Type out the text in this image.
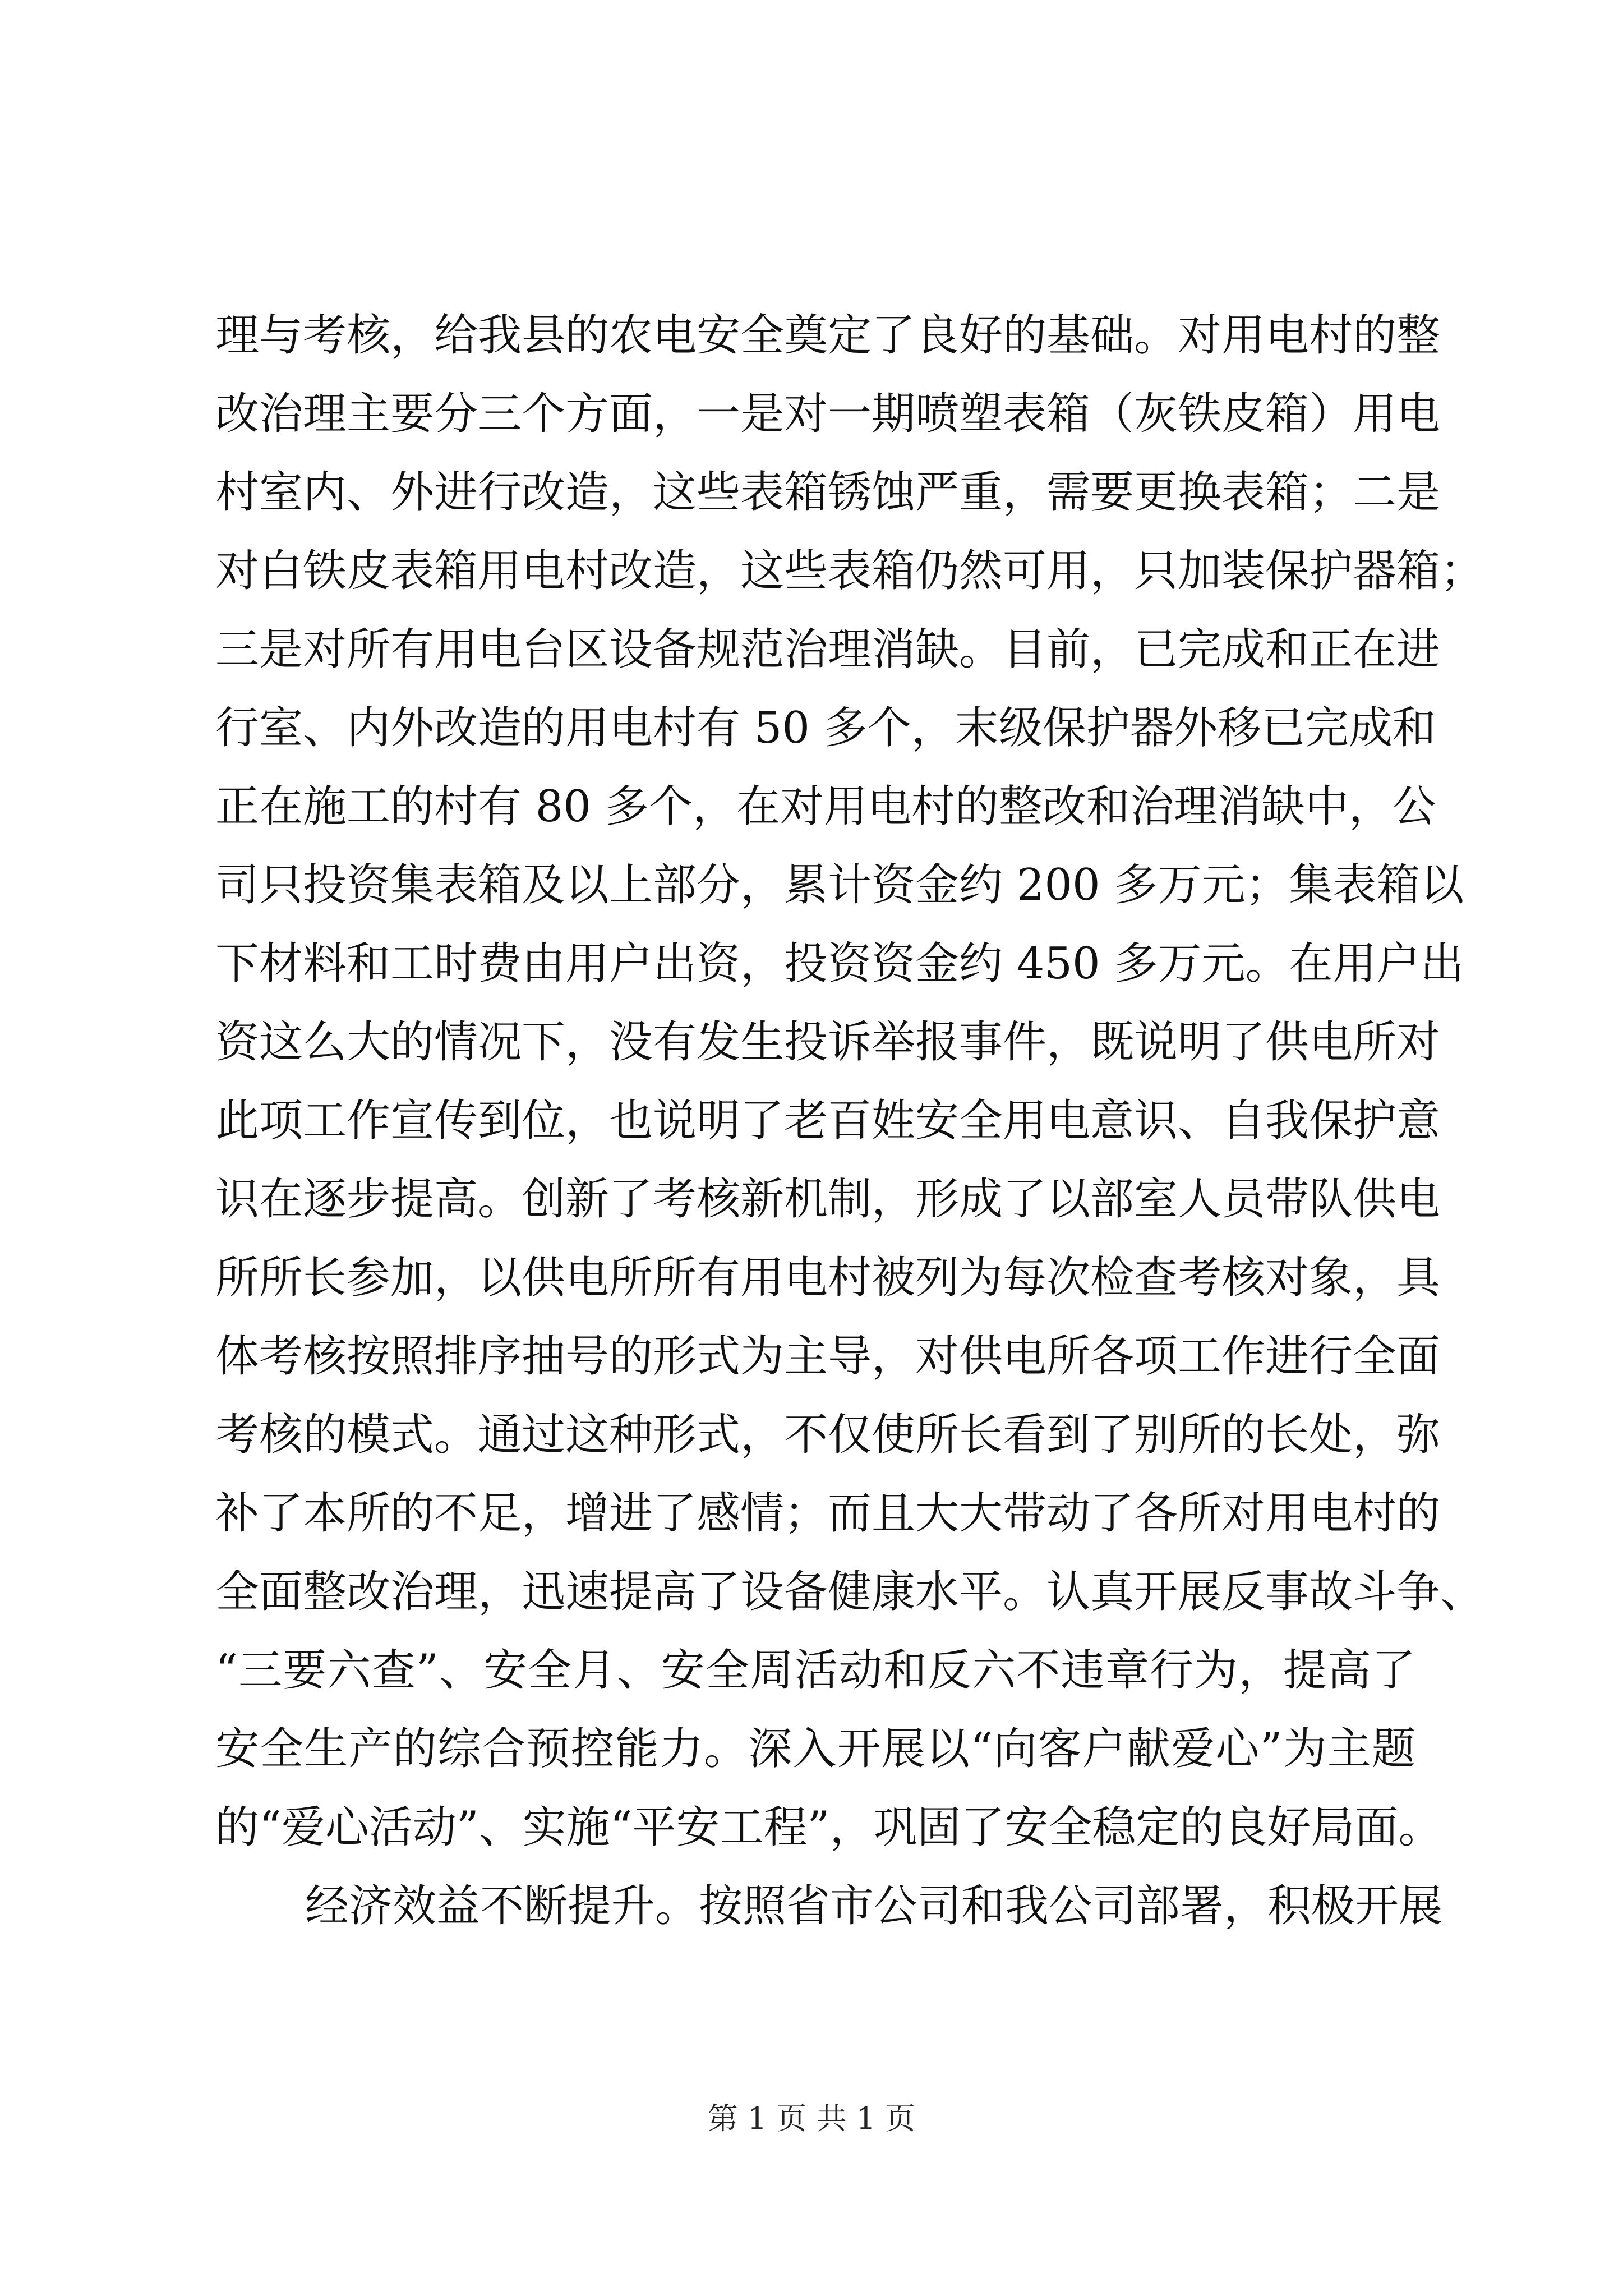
理与考核，给我县的农电安全奠定了良好的基础。对用电村的整
改治理主要分三个方面，一是对一期喷塑表箱（灰铁皮箱）用电
村室内、外进行改造，这些表箱锈蚀严重，需要更换表箱；二是
对白铁皮表箱用电村改造，这些表箱仍然可用，只加装保护器箱；
三是对所有用电台区设备规范治理消缺。目前，已完成和正在进
行室、内外改造的用电村有 50 多个，末级保护器外移已完成和
正在施工的村有 80 多个，在对用电村的整改和治理消缺中，公
司只投资集表箱及以上部分，累计资金约 200 多万元；集表箱以
下材料和工时费由用户出资，投资资金约 450 多万元。在用户出
资这么大的情况下，没有发生投诉举报事件，既说明了供电所对
此项工作宣传到位，也说明了老百姓安全用电意识、自我保护意
识在逐步提高。创新了考核新机制，形成了以部室人员带队供电
所所长参加，以供电所所有用电村被列为每次检查考核对象，具
体考核按照排序抽号的形式为主导，对供电所各项工作进行全面
考核的模式。通过这种形式，不仅使所长看到了别所的长处，弥
补了本所的不足，增进了感情；而且大大带动了各所对用电村的
全面整改治理，迅速提高了设备健康水平。认真开展反事故斗争、
“三要六查”、安全月、安全周活动和反六不违章行为，提高了
安全生产的综合预控能力。深入开展以“向客户献爱心”为主题
的“爱心活动”、实施“平安工程”，巩固了安全稳定的良好局面。
经济效益不断提升。按照省市公司和我公司部署，积极开展
第 1 页 共 1 页
